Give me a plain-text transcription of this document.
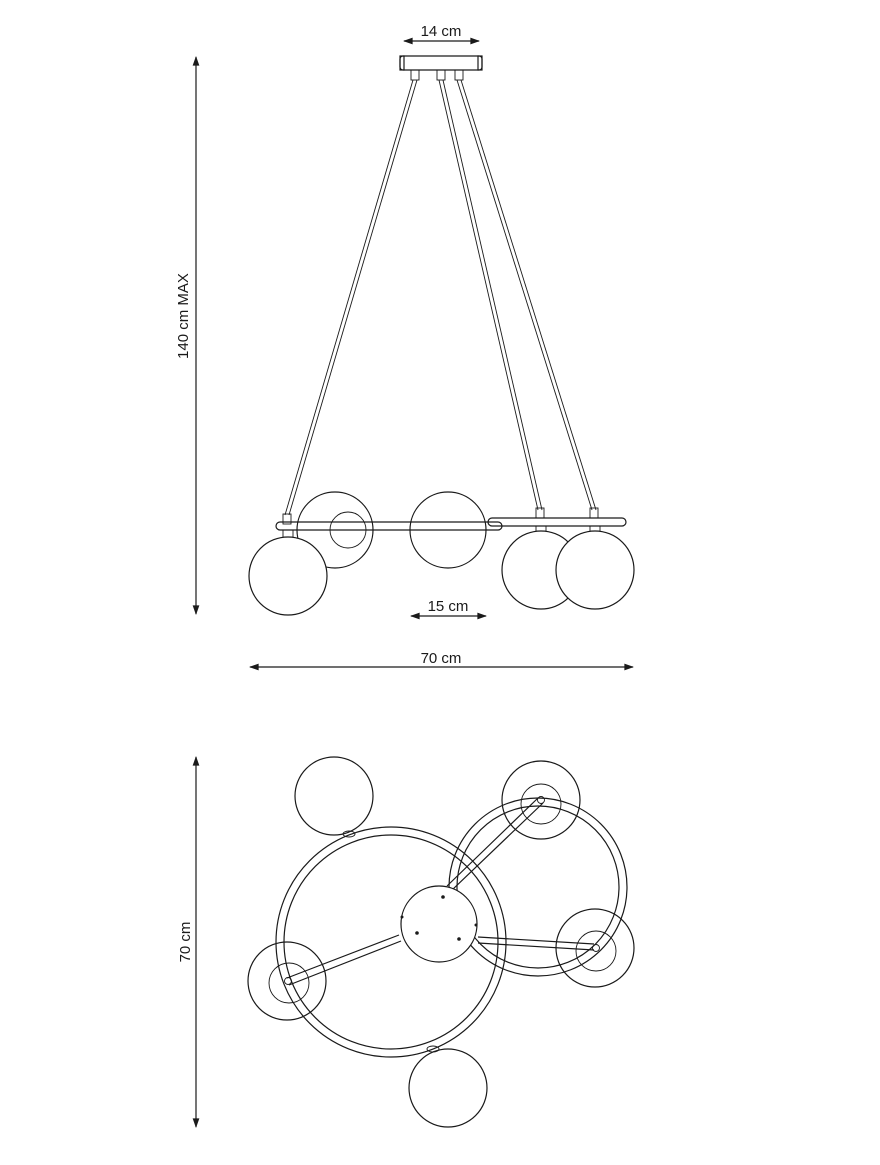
14 cm
140 cm MAX
15 cm
70 cm
70 cm
